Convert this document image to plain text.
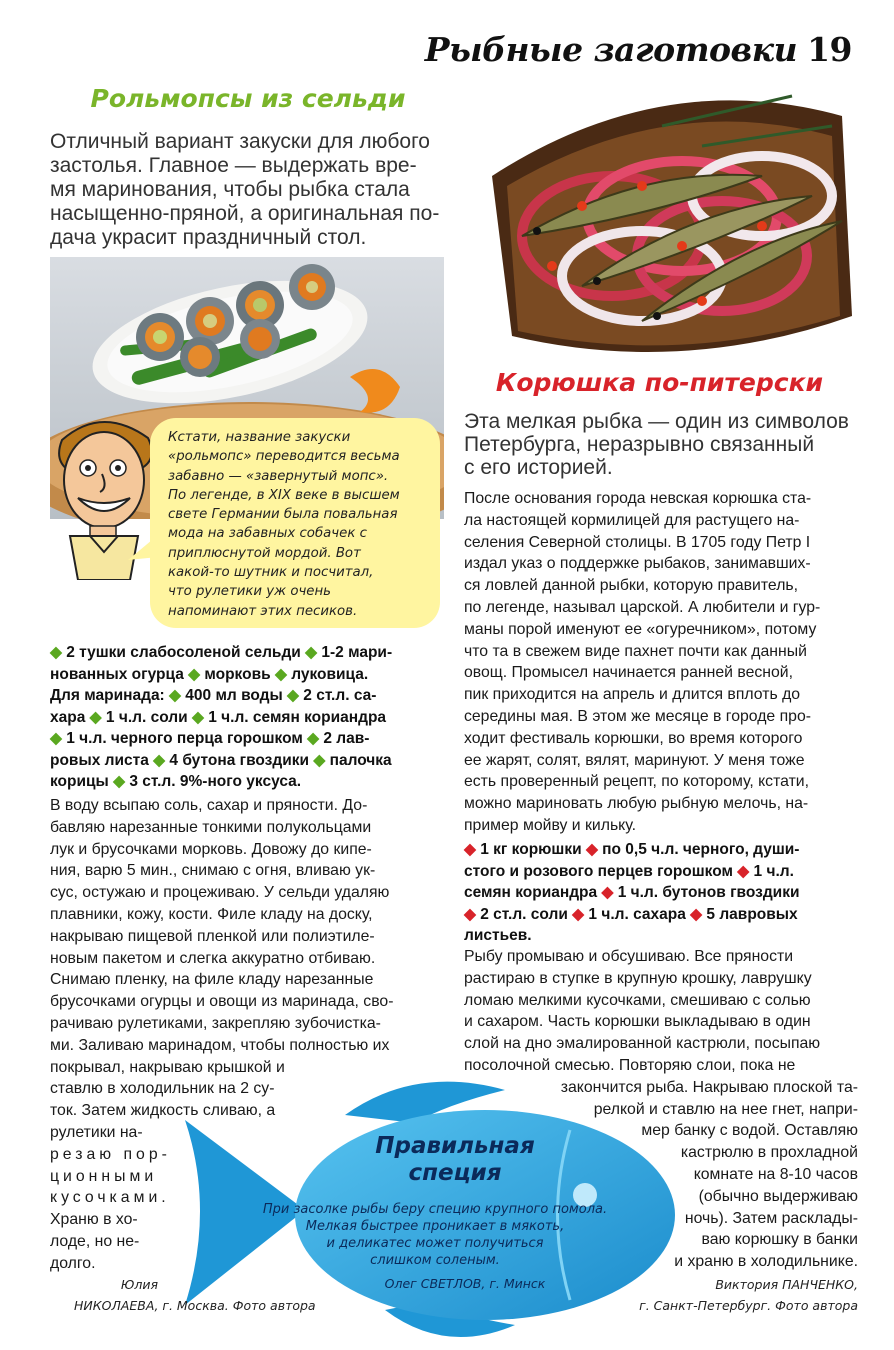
Рыбные заготовки 19
Рольмопсы из сельди
Отличный вариант закуски для любого
застолья. Главное — выдержать вре-
мя маринования, чтобы рыбка стала
насыщенно-пряной, а оригинальная по-
дача украсит праздничный стол.
Кстати, название закуски
«рольмопс» переводится весьма
забавно — «завернутый мопс».
По легенде, в XIX веке в высшем
свете Германии была повальная
мода на забавных собачек с
приплюснутой мордой. Вот
какой-то шутник и посчитал,
что рулетики уж очень
напоминают этих песиков.
◆ 2 тушки слабосоленой сельди ◆ 1-2 мари-
нованных огурца ◆ морковь ◆ луковица.
Для маринада: ◆ 400 мл воды ◆ 2 ст.л. са-
хара ◆ 1 ч.л. соли ◆ 1 ч.л. семян кориандра
◆ 1 ч.л. черного перца горошком ◆ 2 лав-
ровых листа ◆ 4 бутона гвоздики ◆ палочка
корицы ◆ 3 ст.л. 9%-ного уксуса.
В воду всыпаю соль, сахар и пряности. До-
бавляю нарезанные тонкими полукольцами
лук и брусочками морковь. Довожу до кипе-
ния, варю 5 мин., снимаю с огня, вливаю ук-
сус, остужаю и процеживаю. У сельди удаляю
плавники, кожу, кости. Филе кладу на доску,
накрываю пищевой пленкой или полиэтиле-
новым пакетом и слегка аккуратно отбиваю.
Снимаю пленку, на филе кладу нарезанные
брусочками огурцы и овощи из маринада, сво-
рачиваю рулетиками, закрепляю зубочистка-
ми. Заливаю маринадом, чтобы полностью их
покрывал, накрываю крышкой и
ставлю в холодильник на 2 су-
ток. Затем жидкость сливаю, а
рулетики на-
резаю пор-
ционными
кусочками.
Храню в хо-
лоде, но не-
долго.
Корюшка по-питерски
Эта мелкая рыбка — один из символов
Петербурга, неразрывно связанный
с его историей.
После основания города невская корюшка ста-
ла настоящей кормилицей для растущего на-
селения Северной столицы. В 1705 году Петр I
издал указ о поддержке рыбаков, занимавших-
ся ловлей данной рыбки, которую правитель,
по легенде, называл царской. А любители и гур-
маны порой именуют ее «огуречником», потому
что та в свежем виде пахнет почти как данный
овощ. Промысел начинается ранней весной,
пик приходится на апрель и длится вплоть до
середины мая. В этом же месяце в городе про-
ходит фестиваль корюшки, во время которого
ее жарят, солят, вялят, маринуют. У меня тоже
есть проверенный рецепт, по которому, кстати,
можно мариновать любую рыбную мелочь, на-
пример мойву и кильку.
◆ 1 кг корюшки ◆ по 0,5 ч.л. черного, души-
стого и розового перцев горошком ◆ 1 ч.л.
семян кориандра ◆ 1 ч.л. бутонов гвоздики
◆ 2 ст.л. соли ◆ 1 ч.л. сахара ◆ 5 лавровых
листьев.
Рыбу промываю и обсушиваю. Все пряности
растираю в ступке в крупную крошку, лаврушку
ломаю мелкими кусочками, смешиваю с солью
и сахаром. Часть корюшки выкладываю в один
слой на дно эмалированной кастрюли, посыпаю
посолочной смесью. Повторяю слои, пока не
закончится рыба. Накрываю плоской та-
релкой и ставлю на нее гнет, напри-
мер банку с водой. Оставляю
кастрюлю в прохладной
комнате на 8-10 часов
(обычно выдерживаю
ночь). Затем расклады-
ваю корюшку в банки
и храню в холодильнике.
Правильная
специя
При засолке рыбы беру специю крупного помола.
Мелкая быстрее проникает в мякоть,
и деликатес может получиться
слишком соленым.
Олег СВЕТЛОВ, г. Минск
Юлия
НИКОЛАЕВА, г. Москва. Фото автора
Виктория ПАНЧЕНКО,
г. Санкт-Петербург. Фото автора
